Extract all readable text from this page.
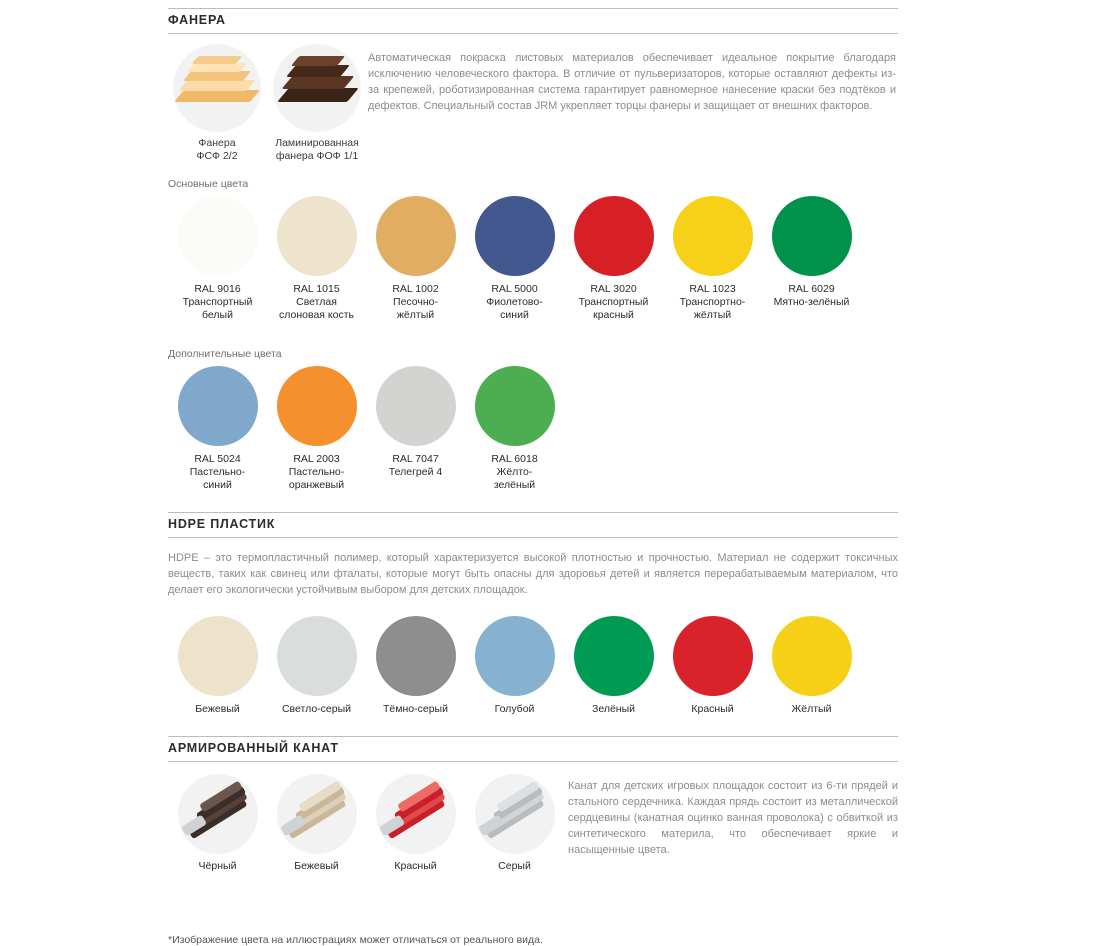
ФАНЕРА
Фанера
ФСФ 2/2
Ламинированная
фанера ФОФ 1/1
Автоматическая покраска листовых материалов обеспечивает идеальное покрытие благодаря исключению человеческого фактора. В отличие от пульверизаторов, которые оставляют дефекты из-за крепежей, роботизированная система гарантирует равномерное нанесение краски без подтёков и дефектов. Специальный состав JRM укрепляет торцы фанеры и защищает от внешних факторов.
Основные цвета
RAL 9016
Транспортный
белый
RAL 1015
Светлая
слоновая кость
RAL 1002
Песочно-
жёлтый
RAL 5000
Фиолетово-
синий
RAL 3020
Транспортный
красный
RAL 1023
Транспортно-
жёлтый
RAL 6029
Мятно-зелёный
Дополнительные цвета
RAL 5024
Пастельно-
синий
RAL 2003
Пастельно-
оранжевый
RAL 7047
Телегрей 4
RAL 6018
Жёлто-
зелёный
HDPE ПЛАСТИК
HDPE – это термопластичный полимер, который характеризуется высокой плотностью и прочностью. Материал не содержит токсичных веществ, таких как свинец или фталаты, которые могут быть опасны для здоровья детей и является перерабатываемым материалом, что делает его экологически устойчивым выбором для детских площадок.
Бежевый	Светло-серый	Тёмно-серый	Голубой	Зелёный	Красный	Жёлтый
АРМИРОВАННЫЙ КАНАТ
Чёрный	Бежевый	Красный	Серый
Канат для детских игровых площадок состоит из 6-ти прядей и стального сердечника. Каждая прядь состоит из металлической сердцевины (канатная оцинко ванная проволока) с обвиткой из синтетического материла, что обеспечивает яркие и насыщенные цвета.
*Изображение цвета на иллюстрациях может отличаться от реального вида.
